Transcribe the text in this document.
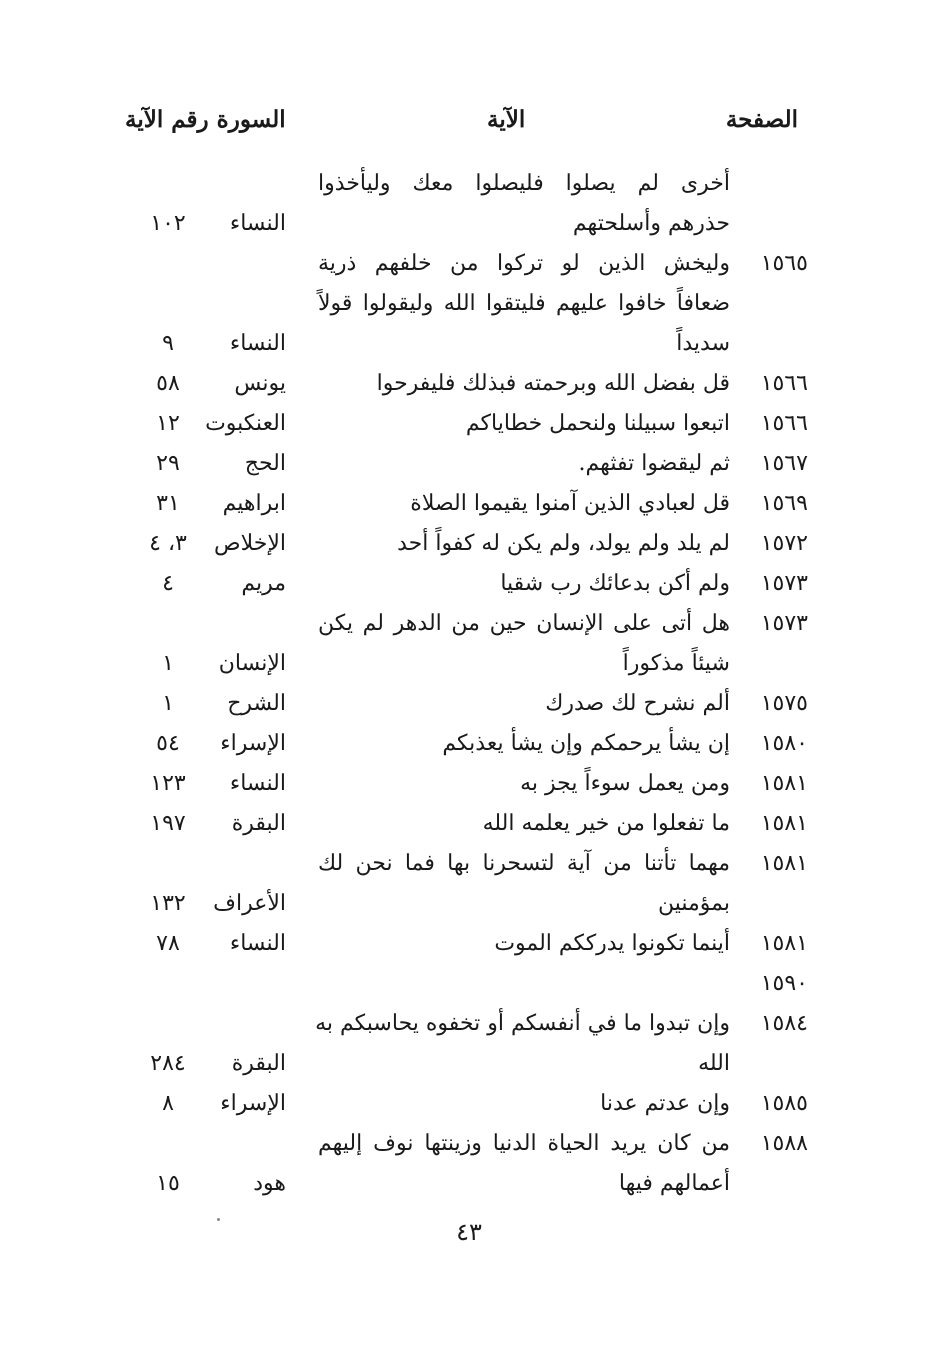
الصفحة
الآية
السورة رقم الآية
أخرى لم يصلوا فليصلوا معك وليأخذوا
حذرهم وأسلحتهم
النساء
١٠٢
١٥٦٥
وليخش الذين لو تركوا من خلفهم ذرية
ضعافاً خافوا عليهم فليتقوا الله وليقولوا قولاً
سديداً
النساء
٩
١٥٦٦
قل بفضل الله وبرحمته فبذلك فليفرحوا
يونس
٥٨
١٥٦٦
اتبعوا سبيلنا ولنحمل خطاياكم
العنكبوت
١٢
١٥٦٧
ثم ليقضوا تفثهم.
الحج
٢٩
١٥٦٩
قل لعبادي الذين آمنوا يقيموا الصلاة
ابراهيم
٣١
١٥٧٢
لم يلد ولم يولد، ولم يكن له كفواً أحد
الإخلاص
٣، ٤
١٥٧٣
ولم أكن بدعائك رب شقيا
مريم
٤
١٥٧٣
هل أتى على الإنسان حين من الدهر لم يكن
شيئاً مذكوراً
الإنسان
١
١٥٧٥
ألم نشرح لك صدرك
الشرح
١
١٥٨٠
إن يشأ يرحمكم وإن يشأ يعذبكم
الإسراء
٥٤
١٥٨١
ومن يعمل سوءاً يجز به
النساء
١٢٣
١٥٨١
ما تفعلوا من خير يعلمه الله
البقرة
١٩٧
١٥٨١
مهما تأتنا من آية لتسحرنا بها فما نحن لك
بمؤمنين
الأعراف
١٣٢
١٥٨١
أينما تكونوا يدرككم الموت
النساء
٧٨
١٥٩٠
١٥٨٤
وإن تبدوا ما في أنفسكم أو تخفوه يحاسبكم به
الله
البقرة
٢٨٤
١٥٨٥
وإن عدتم عدنا
الإسراء
٨
١٥٨٨
من كان يريد الحياة الدنيا وزينتها نوف إليهم
أعمالهم فيها
هود
١٥
٤٣
